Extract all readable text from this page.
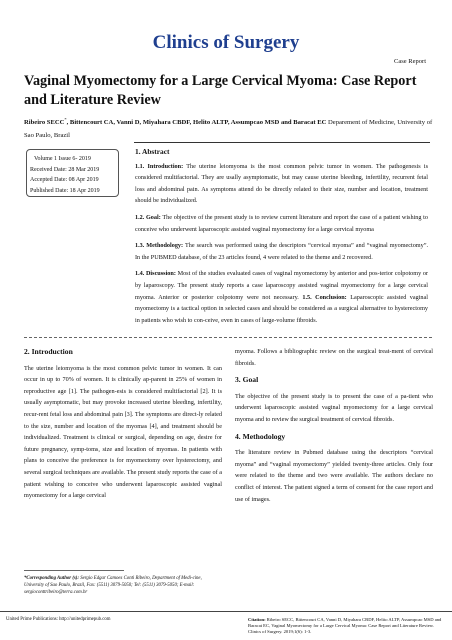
Clinics of Surgery
Case Report
Vaginal Myomectomy for a Large Cervical Myoma: Case Report and Literature Review
Ribeiro SECC*, Bittencourt CA, Vanni D, Miyahara CBDF, Helito ALTP, Assumpcao MSD and Baracat EC Deparement of Medicine, University of Sao Paulo, Brazil
Volume 1 Issue 6- 2019
Received Date: 28 Mar 2019
Accepted Date: 08 Apr 2019
Published Date: 18 Apr 2019
1. Abstract

1.1. Introduction: The uterine leiomyoma is the most common pelvic tumor in women. The pathogenesis is considered multifactorial. They are usally asymptomatic, but may cause uterine bleeding, infertility, recurrent fetal loss and abdominal pain. As symptoms attend do be directly related to their size, number and location, treatment should be individualized.

1.2. Goal: The objective of the present study is to review current literature and report the case of a patient wishing to conceive who underwent laparoscopic assisted vaginal myomectomy for a large cervical myoma

1.3. Methodology: The search was performed using the descriptors “cervical myoma” and “vaginal myomectomy”. In the PUBMED database, of the 23 articles found, 4 were related to the theme and 2 recovered.

1.4. Discussion: Most of the studies evaluated cases of vaginal myomectomy by anterior and pos-terior colpotomy or by laparoscopy. The present study reports a case laparoscopy assisted vaginal myomectomy for a large cervical myoma. Anterior or posterior colpotomy were not necessary. 1.5. Conclusion: Laparoscopic assisted vaginal myomectomy is a tactical option in selected cases and should be considered as a surgical alternative to hysterectomy in patients who wish to con-ceive, even in cases of large-volume fibroids.

2. Introduction

The uterine leiomyoma is the most common pelvic tumor in women. It can occur in up to 70% of women. It is clinically ap-parent in 25% of women in reproductive age [1]. The pathogen-esis is considered multifactorial [2]. It is usually asymptomatic, but may provoke increased uterine bleeding, infertility, recur-rent fetal loss and abdominal pain [3]. The symptoms are direct-ly related to the size, number and location of the myomas [4], and treatment should be individualized. Treatment is clinical or surgical, depending on age, desire for future pregnancy, symp-toms, size and location of myomas. In patients with plans to conceive the preference is for myomectomy over hysterectomy, and several surgical techniques are available. The present study reports the case of a patient wishing to conceive who underwent laparoscopic assisted vaginal myomectomy for a large cervical

myoma. Follows a bibliographic review on the surgical treat-ment of cervical fibroids.

3. Goal

The objective of the present study is to present the case of a pa-tient who underwent laparoscopic assisted vaginal myomectomy for a large cervical myoma and to review the surgical treatment of cervical fibroids.

4. Methodology

The literature review in Pubmed database using the descriptors “cervical myoma” and “vaginal myomectomy” yielded twenty-three articles. Only four were related to the theme and two were available. The authors declare no conflict of interest. The patient signed a term of consent for the case report and use of images.

*Corresponding Author (s): Sergio Edgar Camoes Conti Ribeiro, Department of Medi-cine, University of Sao Paulo, Brazil, Fax: (5511) 3079-5050; Tel: (5511) 3079-5050; E-mail: sergioconttribeiro@terra.com.br
United Prime Publications: http://unitedprimepub.com	Citation: Ribeiro SECC, Bittencourt CA, Vanni D, Miyahara CBDF, Helito ALTP, Assumpcao MSD and Baracat EC, Vaginal Myomectomy for a Large Cervical Myoma: Case Report and Literature Review. Clinics of Surgery. 2019;1(6): 1-3.
